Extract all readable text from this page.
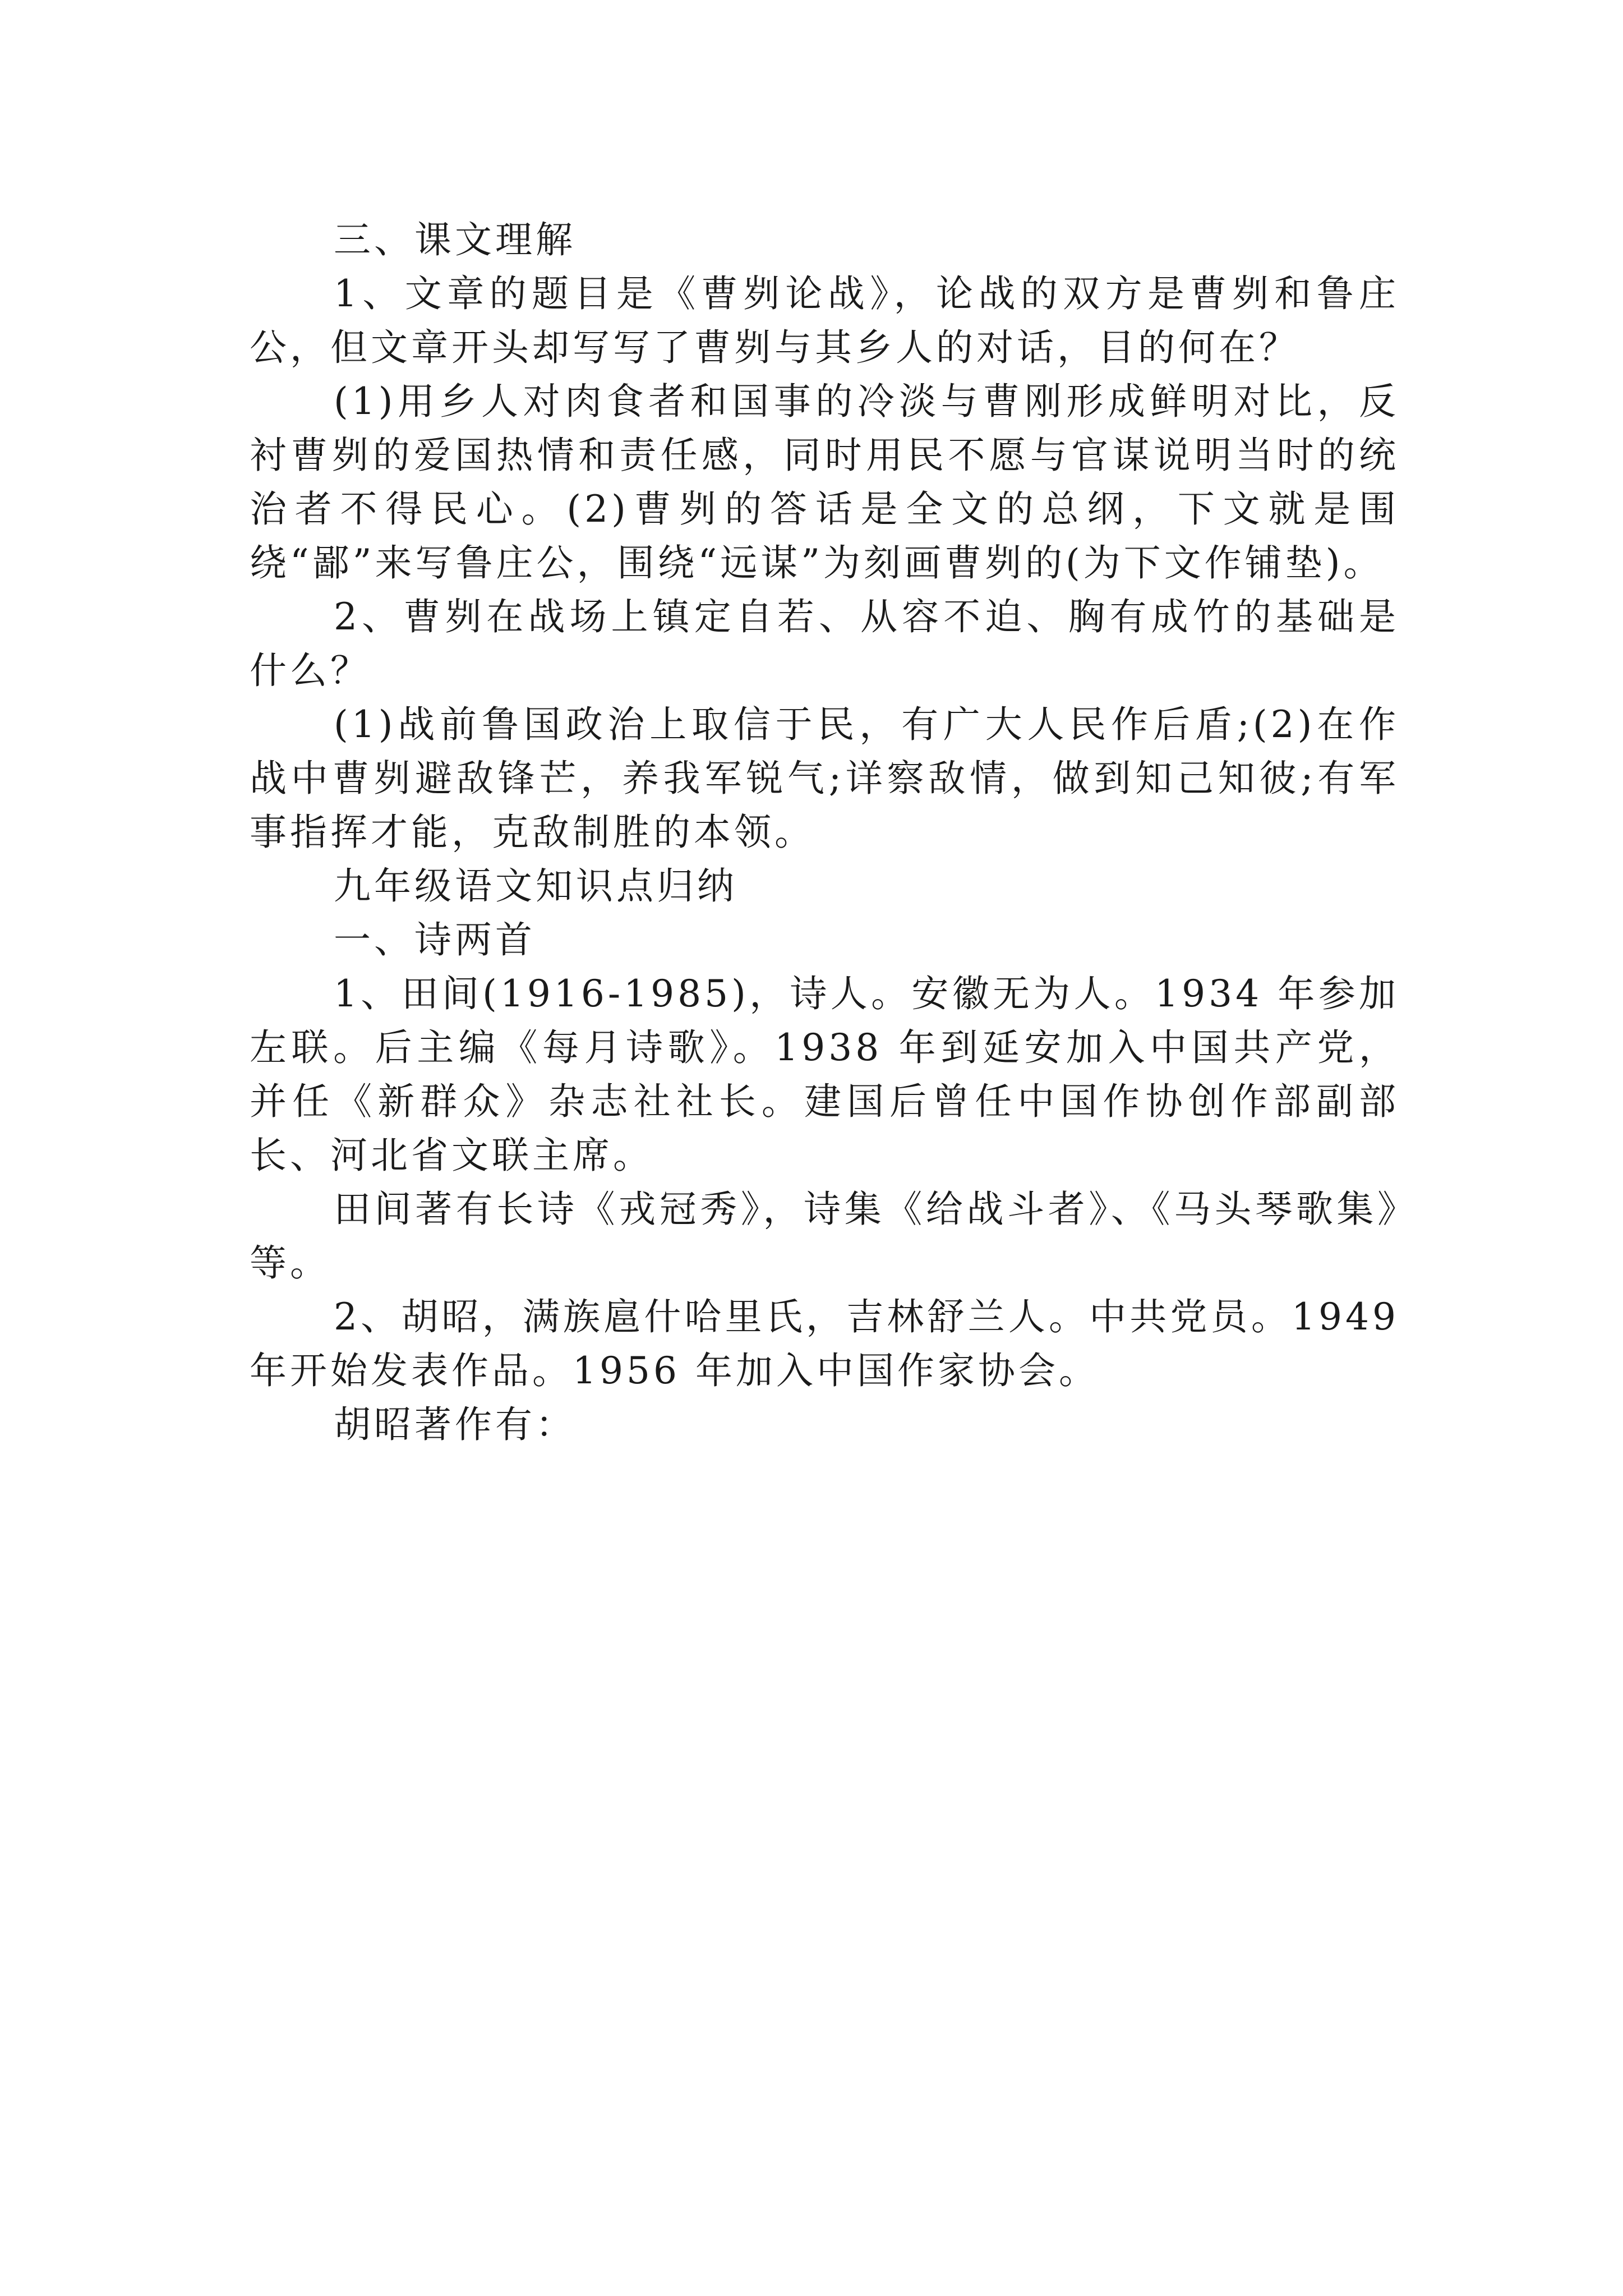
三、课文理解

1、文章的题目是《曹刿论战》，论战的双方是曹刿和鲁庄公，但文章开头却写写了曹刿与其乡人的对话，目的何在？

(1)用乡人对肉食者和国事的冷淡与曹刚形成鲜明对比，反衬曹刿的爱国热情和责任感，同时用民不愿与官谋说明当时的统治者不得民心。(2)曹刿的答话是全文的总纲，下文就是围绕“鄙”来写鲁庄公，围绕“远谋”为刻画曹刿的(为下文作铺垫)。

2、曹刿在战场上镇定自若、从容不迫、胸有成竹的基础是什么？

(1)战前鲁国政治上取信于民，有广大人民作后盾;(2)在作战中曹刿避敌锋芒，养我军锐气;详察敌情，做到知己知彼;有军事指挥才能，克敌制胜的本领。

九年级语文知识点归纳

一、诗两首

1、田间(1916-1985)，诗人。安徽无为人。1934 年参加左联。后主编《每月诗歌》。1938 年到延安加入中国共产党，并任《新群众》杂志社社长。建国后曾任中国作协创作部副部长、河北省文联主席。

田间著有长诗《戎冠秀》，诗集《给战斗者》、《马头琴歌集》等。

2、胡昭，满族扈什哈里氏，吉林舒兰人。中共党员。1949 年开始发表作品。1956 年加入中国作家协会。

胡昭著作有：
